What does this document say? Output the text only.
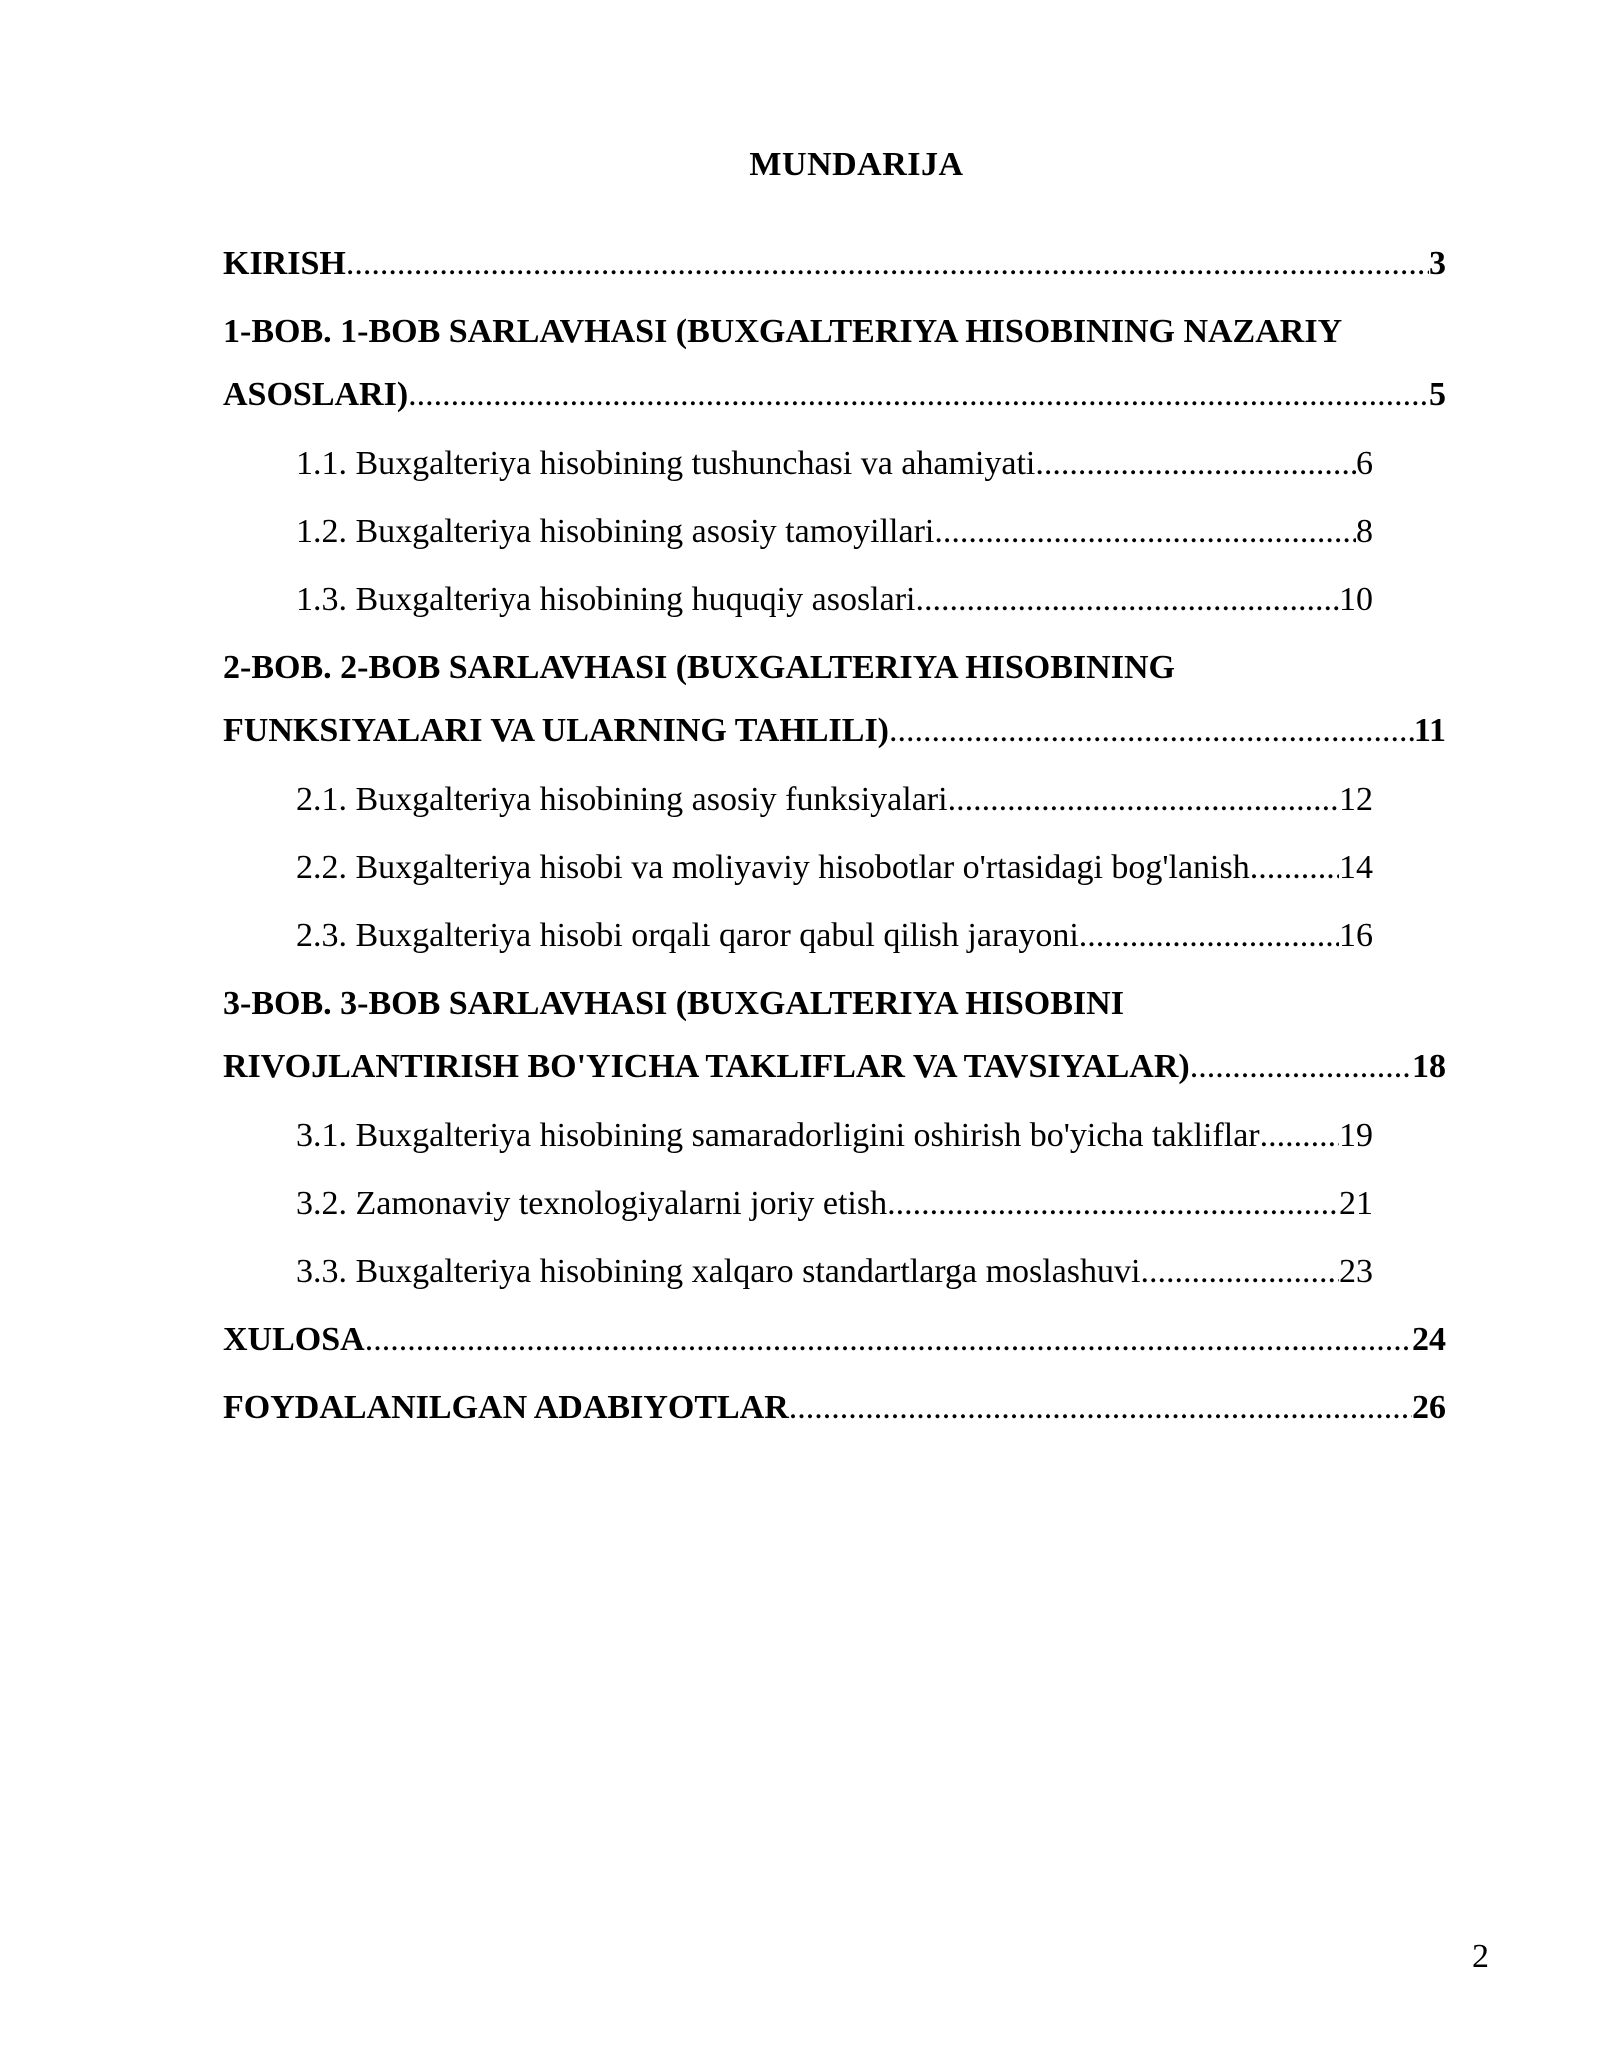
MUNDARIJA
KIRISH .....	3
1-BOB. 1-BOB SARLAVHASI (BUXGALTERIYA HISOBINING NAZARIY
ASOSLARI) .....	5
1.1. Buxgalteriya hisobining tushunchasi va ahamiyati .....	6
1.2. Buxgalteriya hisobining asosiy tamoyillari .....	8
1.3. Buxgalteriya hisobining huquqiy asoslari .....	10
2-BOB. 2-BOB SARLAVHASI (BUXGALTERIYA HISOBINING
FUNKSIYALARI VA ULARNING TAHLILI) .....	11
2.1. Buxgalteriya hisobining asosiy funksiyalari .....	12
2.2. Buxgalteriya hisobi va moliyaviy hisobotlar o'rtasidagi bog'lanish .....	14
2.3. Buxgalteriya hisobi orqali qaror qabul qilish jarayoni .....	16
3-BOB. 3-BOB SARLAVHASI (BUXGALTERIYA HISOBINI
RIVOJLANTIRISH BO'YICHA TAKLIFLAR VA TAVSIYALAR) .....	18
3.1. Buxgalteriya hisobining samaradorligini oshirish bo'yicha takliflar ..... 19
3.2. Zamonaviy texnologiyalarni joriy etish .....	21
3.3. Buxgalteriya hisobining xalqaro standartlarga moslashuvi .....	23
XULOSA .....	24
FOYDALANILGAN ADABIYOTLAR .....	26
2
